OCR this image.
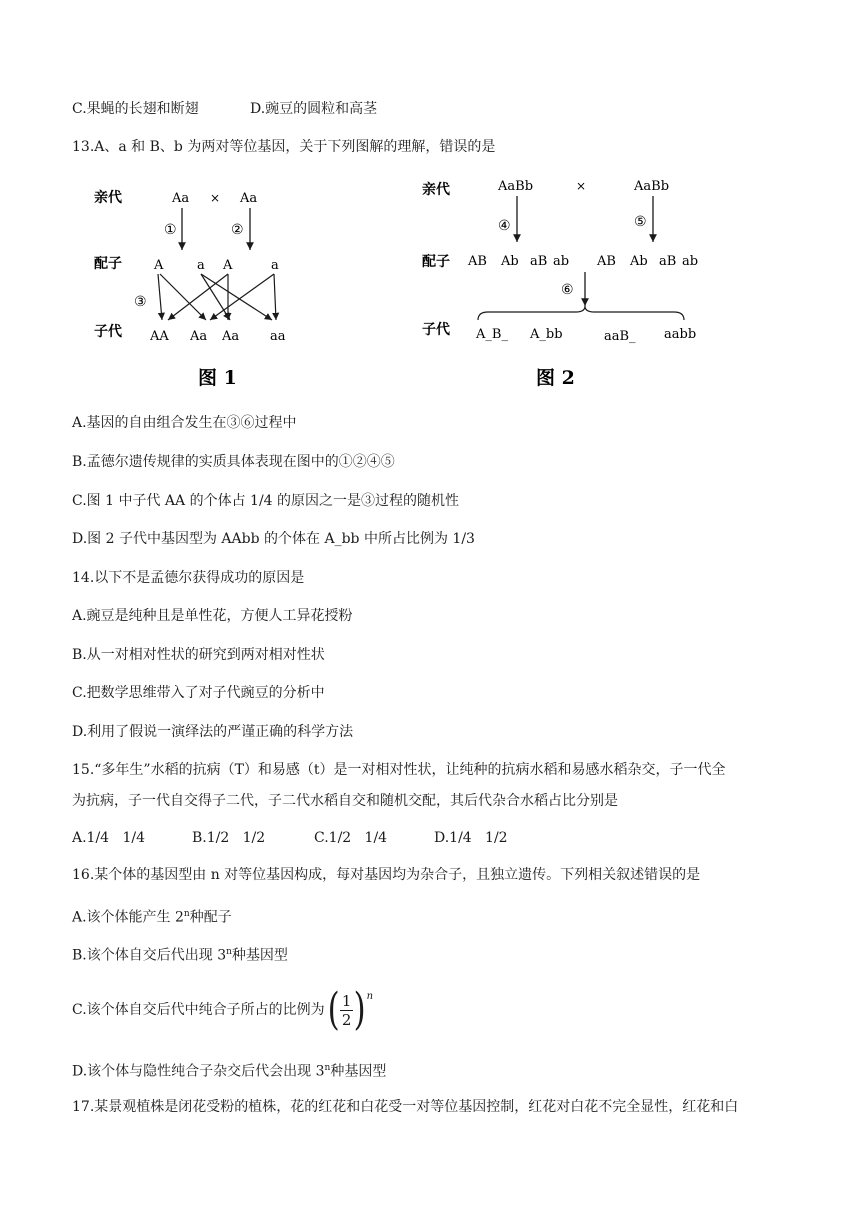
C.果蝇的长翅和断翅	D.豌豆的圆粒和高茎
13.A、a 和 B、b 为两对等位基因，关于下列图解的理解，错误的是
亲代
配子
子代
Aa × Aa
①	②
A	a A	a
③
AA Aa Aa aa
图 1
亲代
配子
子代
AaBb	×	AaBb
④	⑤
AB Ab aB ab AB Ab aB ab
⑥
A_B_ A_bb	aaB_ aabb
图 2
A.基因的自由组合发生在③⑥过程中
B.孟德尔遗传规律的实质具体表现在图中的①②④⑤
C.图 1 中子代 AA 的个体占 1/4 的原因之一是③过程的随机性
D.图 2 子代中基因型为 AAbb 的个体在 A_bb 中所占比例为 1/3
14.以下不是孟德尔获得成功的原因是
A.豌豆是纯种且是单性花，方便人工异花授粉
B.从一对相对性状的研究到两对相对性状
C.把数学思维带入了对子代豌豆的分析中
D.利用了假说一演绎法的严谨正确的科学方法
15.“多年生”水稻的抗病（T）和易感（t）是一对相对性状，让纯种的抗病水稻和易感水稻杂交，子一代全
为抗病，子一代自交得子二代，子二代水稻自交和随机交配，其后代杂合水稻占比分别是
A.1/4   1/4	B.1/2   1/2	C.1/2   1/4	D.1/4   1/2
16.某个体的基因型由 n 对等位基因构成，每对基因均为杂合子，且独立遗传。下列相关叙述错误的是
A.该个体能产生 2$^n$种配子
B.该个体自交后代出现 3$^n$种基因型
C.该个体自交后代中纯合子所占的比例为 ( $\frac{1}{2}$ ) n
D.该个体与隐性纯合子杂交后代会出现 3$^n$种基因型
17.某景观植株是闭花受粉的植株，花的红花和白花受一对等位基因控制，红花对白花不完全显性，红花和白
